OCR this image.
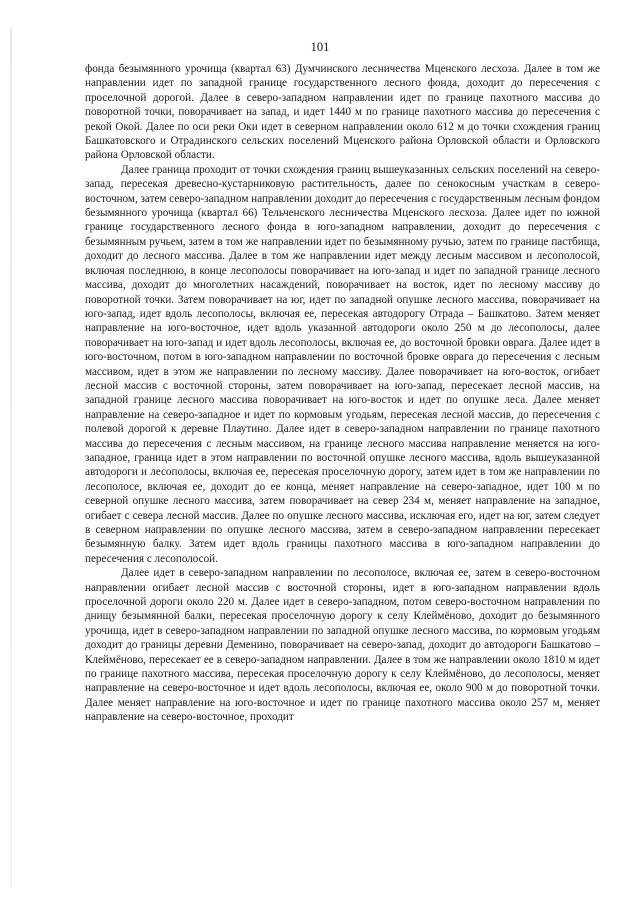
101

фонда безымянного урочища (квартал 63) Думчинского лесничества Мценского лесхоза. Далее в том же направлении идет по западной границе государственного лесного фонда, доходит до пересечения с проселочной дорогой. Далее в северо-западном направлении идет по границе пахотного массива до поворотной точки, поворачивает на запад, и идет 1440 м по границе пахотного массива до пересечения с рекой Окой. Далее по оси реки Оки идет в северном направлении около 612 м до точки схождения границ Башкатовского и Отрадинского сельских поселений Мценского района Орловской области и Орловского района Орловской области.

Далее граница проходит от точки схождения границ вышеуказанных сельских поселений на северо-запад, пересекая древесно-кустарниковую растительность, далее по сенокосным участкам в северо-восточном, затем северо-западном направлении доходит до пересечения с государственным лесным фондом безымянного урочища (квартал 66) Тельченского лесничества Мценского лесхоза. Далее идет по южной границе государственного лесного фонда в юго-западном направлении, доходит до пересечения с безымянным ручьем, затем в том же направлении идет по безымянному ручью, затем по границе пастбища, доходит до лесного массива. Далее в том же направлении идет между лесным массивом и лесополосой, включая последнюю, в конце лесополосы поворачивает на юго-запад и идет по западной границе лесного массива, доходит до многолетних насаждений, поворачивает на восток, идет по лесному массиву до поворотной точки. Затем поворачивает на юг, идет по западной опушке лесного массива, поворачивает на юго-запад, идет вдоль лесополосы, включая ее, пересекая автодорогу Отрада – Башкатово. Затем меняет направление на юго-восточное, идет вдоль указанной автодороги около 250 м до лесополосы, далее поворачивает на юго-запад и идет вдоль лесополосы, включая ее, до восточной бровки оврага. Далее идет в юго-восточном, потом в юго-западном направлении по восточной бровке оврага до пересечения с лесным массивом, идет в этом же направлении по лесному массиву. Далее поворачивает на юго-восток, огибает лесной массив с восточной стороны, затем поворачивает на юго-запад, пересекает лесной массив, на западной границе лесного массива поворачивает на юго-восток и идет по опушке леса. Далее меняет направление на северо-западное и идет по кормовым угодьям, пересекая лесной массив, до пересечения с полевой дорогой к деревне Плаутино. Далее идет в северо-западном направлении по границе пахотного массива до пересечения с лесным массивом, на границе лесного массива направление меняется на юго-западное, граница идет в этом направлении по восточной опушке лесного массива, вдоль вышеуказанной автодороги и лесополосы, включая ее, пересекая проселочную дорогу, затем идет в том же направлении по лесополосе, включая ее, доходит до ее конца, меняет направление на северо-западное, идет 100 м по северной опушке лесного массива, затем поворачивает на север 234 м, меняет направление на западное, огибает с севера лесной массив. Далее по опушке лесного массива, исключая его, идет на юг, затем следует в северном направлении по опушке лесного массива, затем в северо-западном направлении пересекает безымянную балку. Затем идет вдоль границы пахотного массива в юго-западном направлении до пересечения с лесополосой.

Далее идет в северо-западном направлении по лесополосе, включая ее, затем в северо-восточном направлении огибает лесной массив с восточной стороны, идет в юго-западном направлении вдоль проселочной дороги около 220 м. Далее идет в северо-западном, потом северо-восточном направлении по днищу безымянной балки, пересекая проселочную дорогу к селу Клеймёново, доходит до безымянного урочища, идет в северо-западном направлении по западной опушке лесного массива, по кормовым угодьям доходит до границы деревни Деменино, поворачивает на северо-запад, доходит до автодороги Башкатово – Клеймёново, пересекает ее в северо-западном направлении. Далее в том же направлении около 1810 м идет по границе пахотного массива, пересекая проселочную дорогу к селу Клеймёново, до лесополосы, меняет направление на северо-восточное и идет вдоль лесополосы, включая ее, около 900 м до поворотной точки. Далее меняет направление на юго-восточное и идет по границе пахотного массива около 257 м, меняет направление на северо-восточное, проходит
